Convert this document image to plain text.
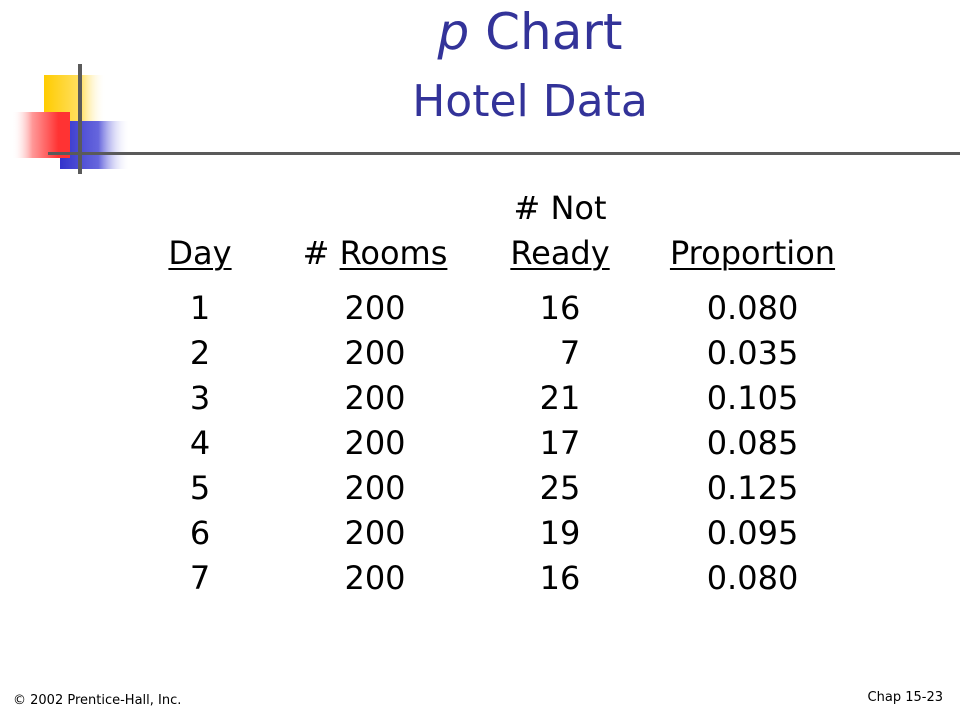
p Chart
Hotel Data
# Not
Day	# Rooms	Ready	Proportion
1	200	16	0.080
2	200	7	0.035
3	200	21	0.105
4	200	17	0.085
5	200	25	0.125
6	200	19	0.095
7	200	16	0.080
© 2002 Prentice-Hall, Inc.	Chap 15-23
